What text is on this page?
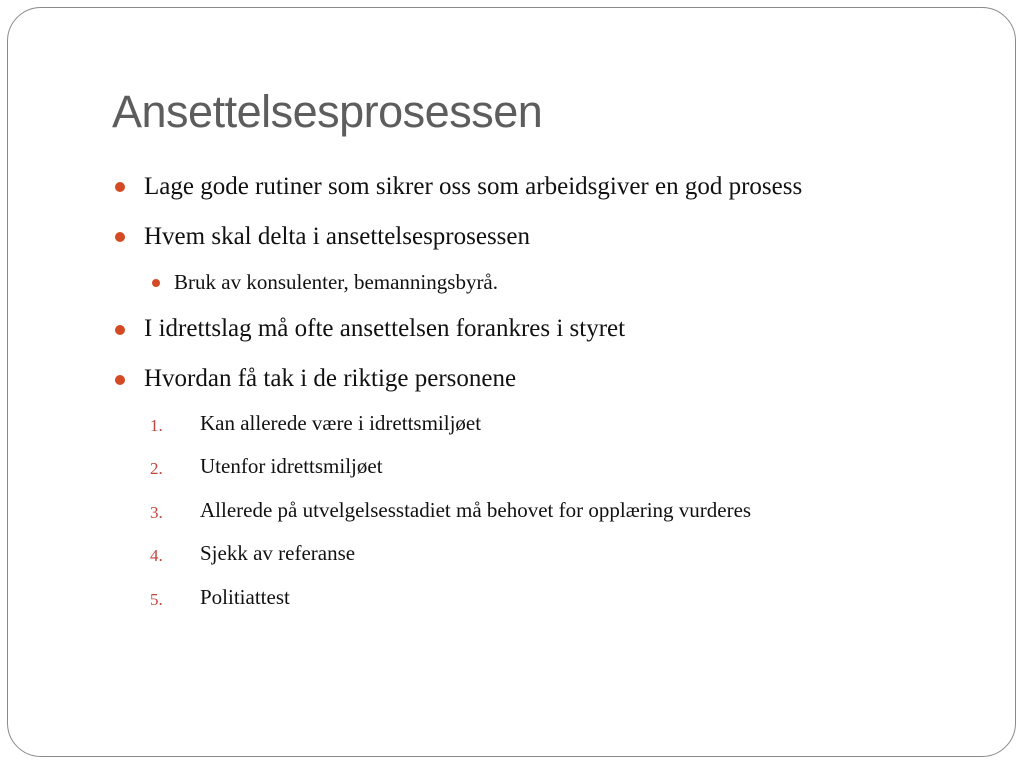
Ansettelsesprosessen
Lage gode rutiner som sikrer oss som arbeidsgiver en god prosess
Hvem skal delta i ansettelsesprosessen
Bruk av konsulenter, bemanningsbyrå.
I idrettslag må ofte ansettelsen forankres i styret
Hvordan få tak i de riktige personene
1. Kan allerede være i idrettsmiljøet
2. Utenfor idrettsmiljøet
3. Allerede på utvelgelsesstadiet må behovet for opplæring vurderes
4. Sjekk av referanse
5. Politiattest
